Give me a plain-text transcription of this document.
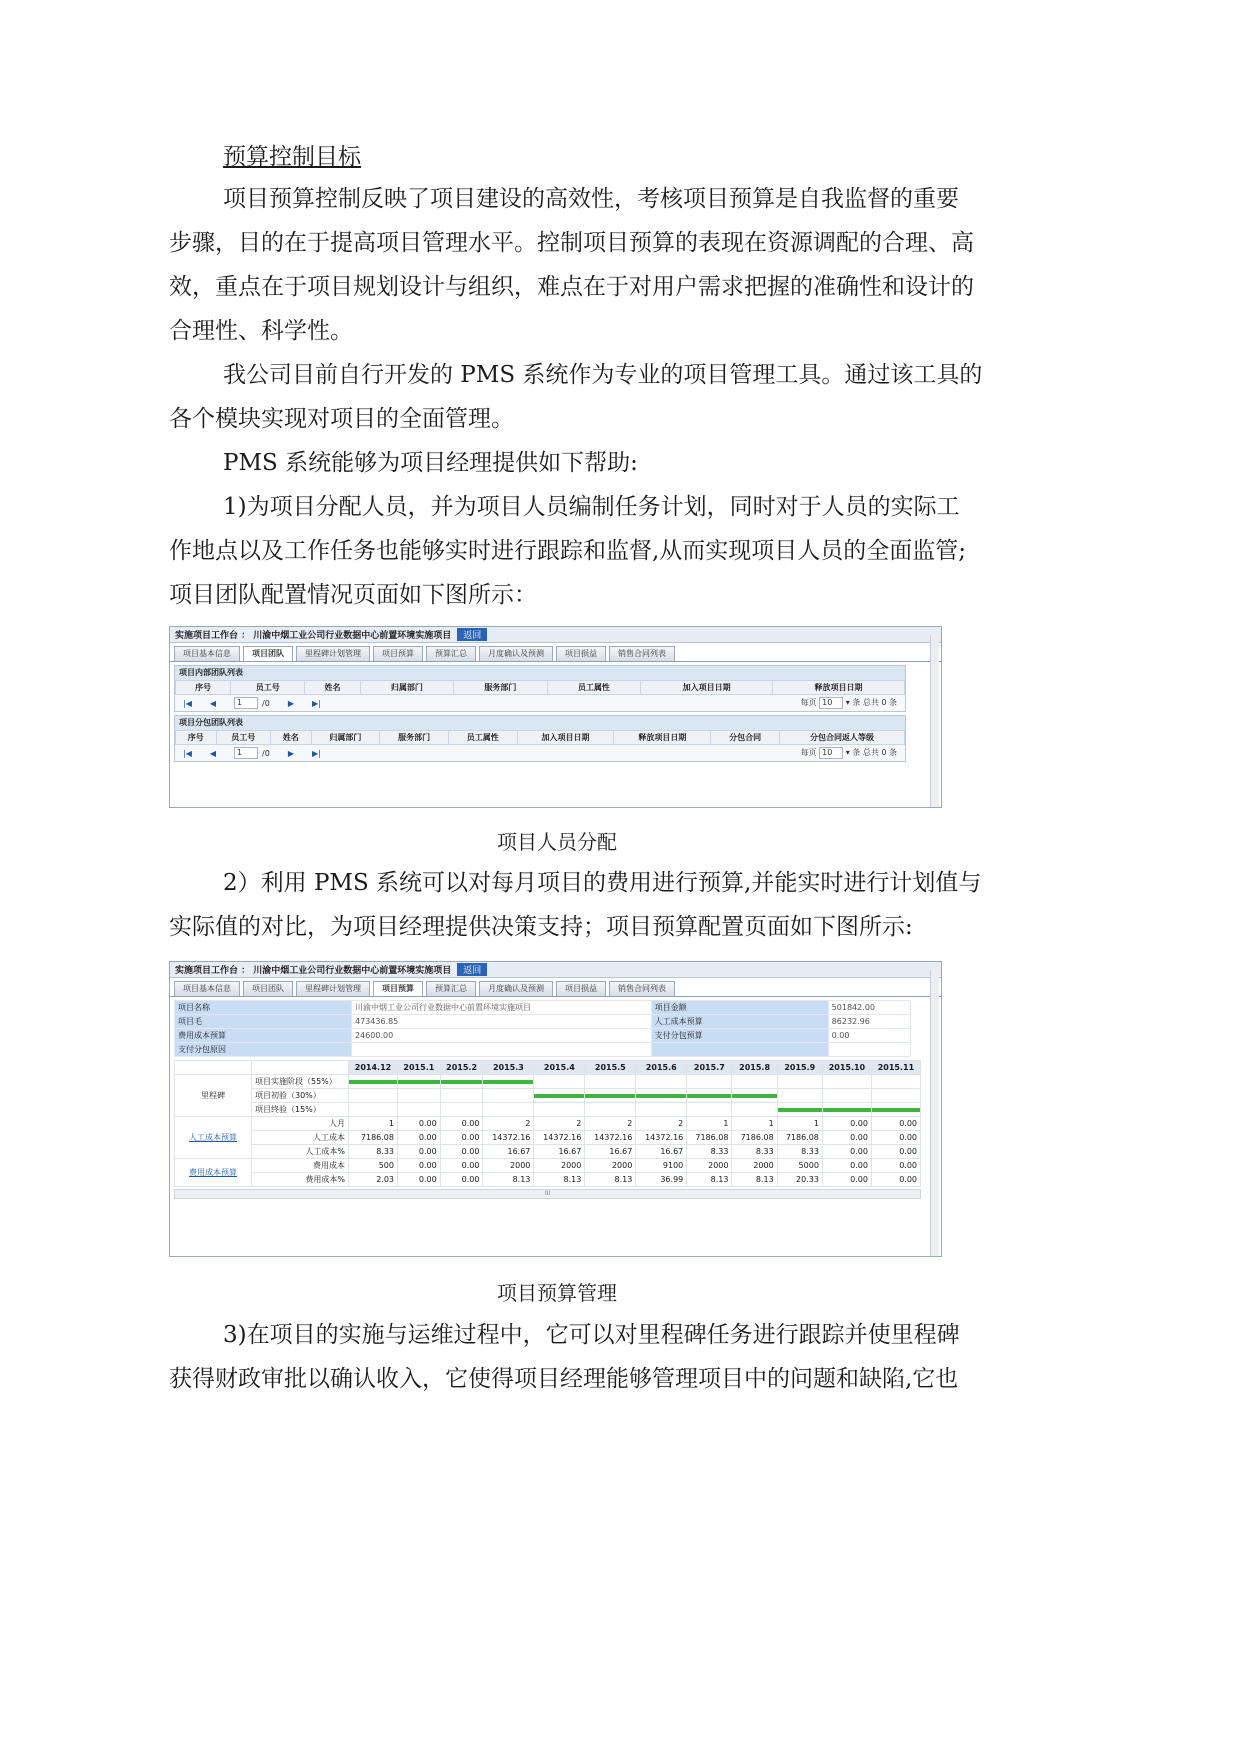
预算控制目标
项目预算控制反映了项目建设的高效性，考核项目预算是自我监督的重要
步骤，目的在于提高项目管理水平。控制项目预算的表现在资源调配的合理、高
效，重点在于项目规划设计与组织，难点在于对用户需求把握的准确性和设计的
合理性、科学性。
我公司目前自行开发的 PMS 系统作为专业的项目管理工具。通过该工具的
各个模块实现对项目的全面管理。
PMS 系统能够为项目经理提供如下帮助:
1)为项目分配人员，并为项目人员编制任务计划，同时对于人员的实际工
作地点以及工作任务也能够实时进行跟踪和监督,从而实现项目人员的全面监管;
项目团队配置情况页面如下图所示：
实施项目工作台 ： 川渝中烟工业公司行业数据中心前置环境实施项目	返回
项目基本信息	项目团队	里程碑计划管理	项目预算	预算汇总	月度确认及预测	项目损益	销售合同列表
项目内部团队列表
序号	员工号	姓名	归属部门	服务部门	员工属性	加入项目日期	释放项目日期
|◀ ◀	1	/0 ▶ ▶|	每页 10 ▾ 条 总共 0 条
项目分包团队列表
序号	员工号	姓名	归属部门	服务部门	员工属性	加入项目日期	释放项目日期	分包合同	分包合同返人等级
|◀ ◀	1	/0 ▶ ▶|	每页 10 ▾ 条 总共 0 条
项目人员分配
2）利用 PMS 系统可以对每月项目的费用进行预算,并能实时进行计划值与
实际值的对比，为项目经理提供决策支持；项目预算配置页面如下图所示:
实施项目工作台 ： 川渝中烟工业公司行业数据中心前置环境实施项目	返回
项目基本信息	项目团队	里程碑计划管理	项目预算	预算汇总	月度确认及预测	项目损益	销售合同列表
项目名称	川渝中烟工业公司行业数据中心前置环境实施项目	项目金额	501842.00
项目毛	473436.85	人工成本预算	86232.96
费用成本预算	24600.00	支付分包预算	0.00
支付分包原因			
		2014.12	2015.1	2015.2	2015.3	2015.4	2015.5	2015.6	2015.7	2015.8	2015.9	2015.10	2015.11
里程碑	项目实施阶段（55%）	

	项目初验（30%）					

	项目终验（15%）										

人工成本预算	人月	1	0.00	0.00	2	2	2	2	1	1	1	0.00	0.00
	人工成本	7186.08	0.00	0.00	14372.16	14372.16	14372.16	14372.16	7186.08	7186.08	7186.08	0.00	0.00
	人工成本%	8.33	0.00	0.00	16.67	16.67	16.67	16.67	8.33	8.33	8.33	0.00	0.00
费用成本预算	费用成本	500	0.00	0.00	2000	2000	2000	9100	2000	2000	5000	0.00	0.00
	费用成本%	2.03	0.00	0.00	8.13	8.13	8.13	36.99	8.13	8.13	20.33	0.00	0.00
III
项目预算管理
3)在项目的实施与运维过程中，它可以对里程碑任务进行跟踪并使里程碑
获得财政审批以确认收入，它使得项目经理能够管理项目中的问题和缺陷,它也
